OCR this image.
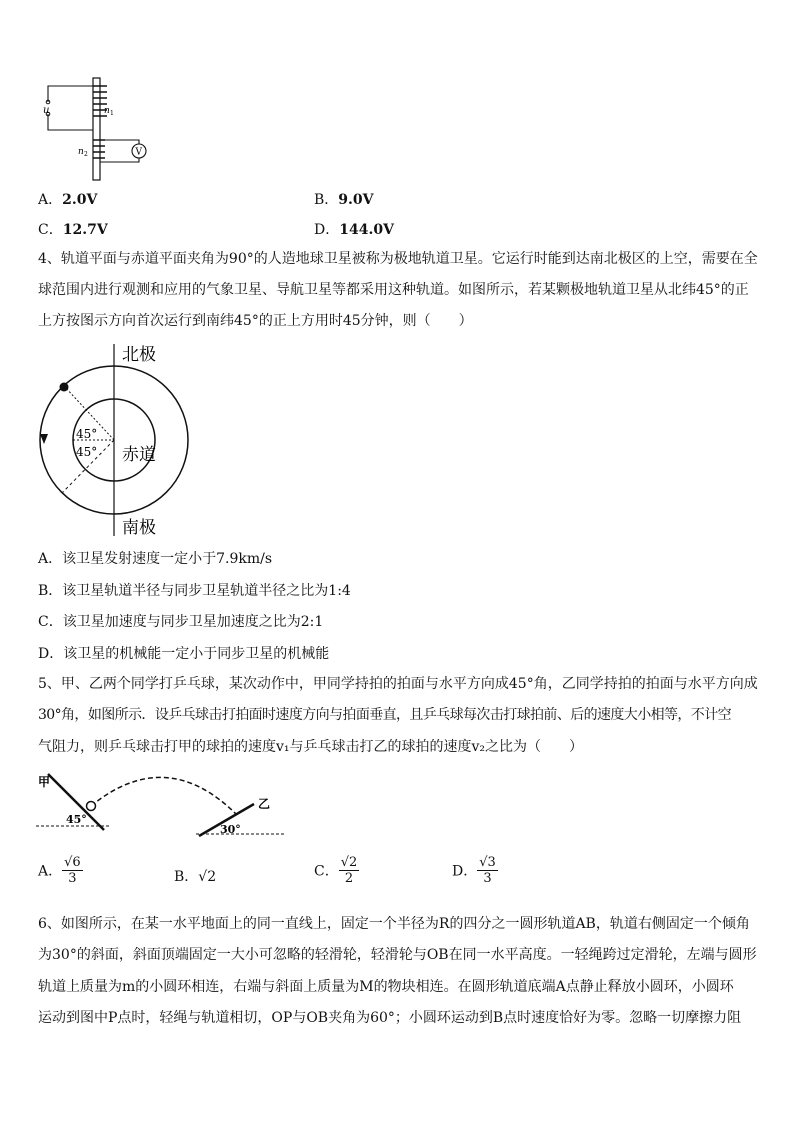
u	n 1
n 2	V
A．2.0V	B．9.0V
C．12.7V	D．144.0V
4、轨道平面与赤道平面夹角为90°的人造地球卫星被称为极地轨道卫星。它运行时能到达南北极区的上空，需要在全
球范围内进行观测和应用的气象卫星、导航卫星等都采用这种轨道。如图所示，若某颗极地轨道卫星从北纬45°的正
上方按图示方向首次运行到南纬45°的正上方用时45分钟，则（　　）
北极
南极
赤道
45°
45°
A．该卫星发射速度一定小于7.9km/s
B．该卫星轨道半径与同步卫星轨道半径之比为1:4
C．该卫星加速度与同步卫星加速度之比为2:1
D．该卫星的机械能一定小于同步卫星的机械能
5、甲、乙两个同学打乒乓球，某次动作中，甲同学持拍的拍面与水平方向成45°角，乙同学持拍的拍面与水平方向成
30°角，如图所示．设乒乓球击打拍面时速度方向与拍面垂直，且乒乓球每次击打球拍前、后的速度大小相等，不计空
气阻力，则乒乓球击打甲的球拍的速度v₁与乒乓球击打乙的球拍的速度v₂之比为（　　）
甲
乙
45°
30°
A． $\frac{√6}{3}$	B．√2	C． $\frac{√2}{2}$	D． $\frac{√3}{3}$
6、如图所示，在某一水平地面上的同一直线上，固定一个半径为R的四分之一圆形轨道AB，轨道右侧固定一个倾角
为30°的斜面，斜面顶端固定一大小可忽略的轻滑轮，轻滑轮与OB在同一水平高度。一轻绳跨过定滑轮，左端与圆形
轨道上质量为m的小圆环相连，右端与斜面上质量为M的物块相连。在圆形轨道底端A点静止释放小圆环，小圆环
运动到图中P点时，轻绳与轨道相切，OP与OB夹角为60°；小圆环运动到B点时速度恰好为零。忽略一切摩擦力阻
